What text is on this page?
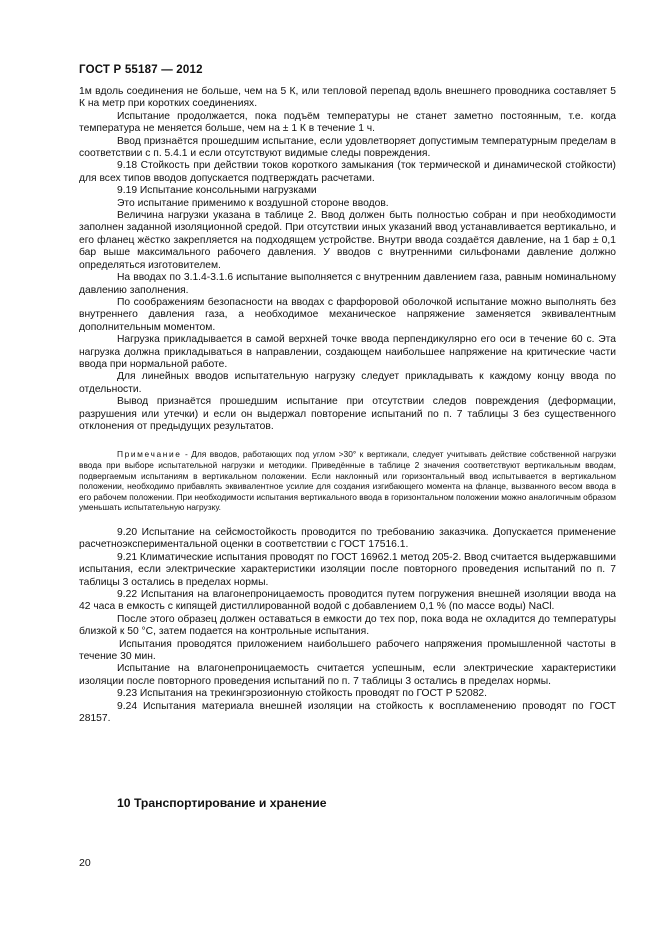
ГОСТ Р 55187 — 2012

1м вдоль соединения не больше, чем на 5 К, или тепловой перепад вдоль внешнего проводника составляет 5 К на метр при коротких соединениях.

Испытание продолжается, пока подъём температуры не станет заметно постоянным, т.е. когда температура не меняется больше, чем на ± 1 К в течение 1 ч.

Ввод признаётся прошедшим испытание, если удовлетворяет допустимым температурным пределам в соответствии с п. 5.4.1 и если отсутствуют видимые следы повреждения.

9.18 Стойкость при действии токов короткого замыкания (ток термической и динамической стойкости) для всех типов вводов допускается подтверждать расчетами.

9.19 Испытание консольными нагрузками

Это испытание применимо к воздушной стороне вводов.

Величина нагрузки указана в таблице 2. Ввод должен быть полностью собран и при необходимости заполнен заданной изоляционной средой. При отсутствии иных указаний ввод устанавливается вертикально, и его фланец жёстко закрепляется на подходящем устройстве. Внутри ввода создаётся давление, на 1 бар ± 0,1 бар выше максимального рабочего давления. У вводов с внутренними сильфонами давление должно определяться изготовителем.

На вводах по 3.1.4-3.1.6 испытание выполняется с внутренним давлением газа, равным номинальному давлению заполнения.

По соображениям безопасности на вводах с фарфоровой оболочкой испытание можно выполнять без внутреннего давления газа, а необходимое механическое напряжение заменяется эквивалентным дополнительным моментом.

Нагрузка прикладывается в самой верхней точке ввода перпендикулярно его оси в течение 60 с. Эта нагрузка должна прикладываться в направлении, создающем наибольшее напряжение на критические части ввода при нормальной работе.

Для линейных вводов испытательную нагрузку следует прикладывать к каждому концу ввода по отдельности.

Вывод признаётся прошедшим испытание при отсутствии следов повреждения (деформации, разрушения или утечки) и если он выдержал повторение испытаний по п. 7 таблицы 3 без существенного отклонения от предыдущих результатов.

Примечание - Для вводов, работающих под углом >30° к вертикали, следует учитывать действие собственной нагрузки ввода при выборе испытательной нагрузки и методики. Приведённые в таблице 2 значения соответствуют вертикальным вводам, подвергаемым испытаниям в вертикальном положении. Если наклонный или горизонтальный ввод испытывается в вертикальном положении, необходимо прибавлять эквивалентное усилие для создания изгибающего момента на фланце, вызванного весом ввода в его рабочем положении. При необходимости испытания вертикального ввода в горизонтальном положении можно аналогичным образом уменьшать испытательную нагрузку.

9.20 Испытание на сейсмостойкость проводится по требованию заказчика. Допускается применение расчетноэкспериментальной оценки в соответствии с ГОСТ 17516.1.

9.21 Климатические испытания проводят по ГОСТ 16962.1 метод 205-2. Ввод считается выдержавшими испытания, если электрические характеристики изоляции после повторного проведения испытаний по п. 7 таблицы 3 остались в пределах нормы.

9.22 Испытания на влагонепроницаемость проводится путем погружения внешней изоляции ввода на 42 часа в емкость с кипящей дистиллированной водой с добавлением 0,1 % (по массе воды) NaCl.

После этого образец должен оставаться в емкости до тех пор, пока вода не охладится до температуры близкой к 50 °С, затем подается на контрольные испытания.

Испытания проводятся приложением наибольшего рабочего напряжения промышленной частоты в течение 30 мин.

Испытание на влагонепроницаемость считается успешным, если электрические характеристики изоляции после повторного проведения испытаний по п. 7 таблицы 3 остались в пределах нормы.

9.23 Испытания на трекингэрозионную стойкость проводят по ГОСТ Р 52082.

9.24 Испытания материала внешней изоляции на стойкость к воспламенению проводят по ГОСТ 28157.

10 Транспортирование и хранение
20
